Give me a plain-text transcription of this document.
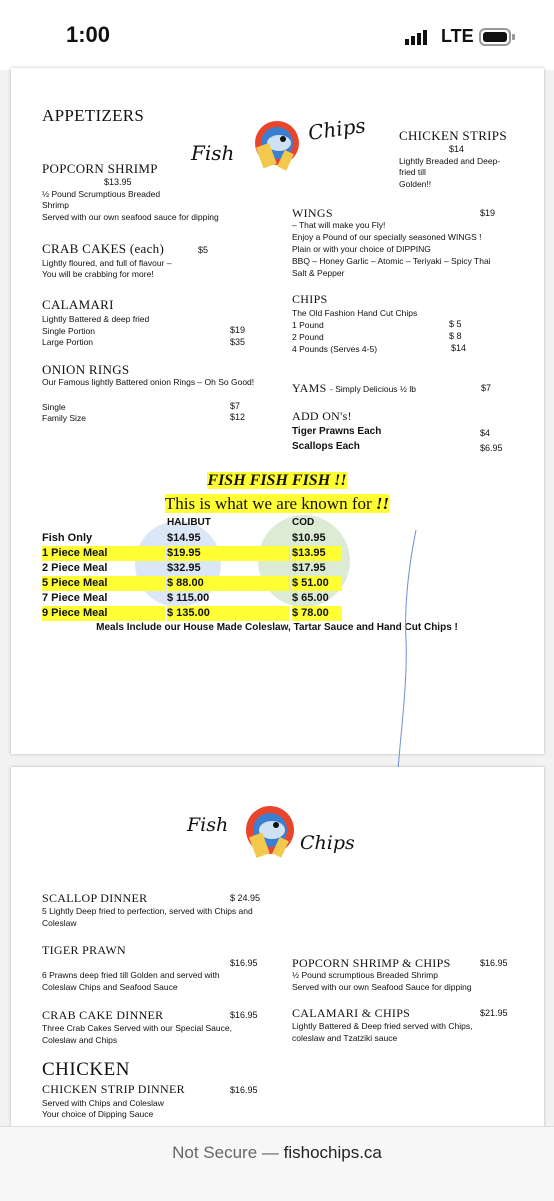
1:00	LTE
APPETIZERS
Fish
Chips
POPCORN SHRIMP
$13.95
½ Pound Scrumptious Breaded
Shrimp
Served with our own seafood sauce for dipping
CRAB CAKES (each)	$5
Lightly floured, and full of flavour –
You will be crabbing for more!
CALAMARI
Lightly Battered & deep fried
Single Portion	$19
Large Portion	$35
ONION RINGS
Our Famous lightly Battered onion Rings – Oh So Good!
Single	$7
Family Size	$12
CHICKEN STRIPS
$14
Lightly Breaded and Deep-
fried till
Golden!!
WINGS	$19
– That will make you Fly!
Enjoy a Pound of our specially seasoned WINGS !
Plain or with your choice of DIPPING
BBQ – Honey Garlic – Atomic – Teriyaki – Spicy Thai
Salt & Pepper
CHIPS
The Old Fashion Hand Cut Chips
1 Pound	$ 5
2 Pound	$ 8
4 Pounds (Serves 4-5)	$14
YAMS - Simply Delicious ½ lb	$7
ADD ON's!
Tiger Prawns Each	$4
Scallops Each	$6.95
FISH FISH FISH !!
This is what we are known for !!
HALIBUT	COD
Fish Only	$14.95	$10.95
1 Piece Meal	$19.95	$13.95
2 Piece Meal	$32.95	$17.95
5 Piece Meal	$ 88.00	$ 51.00
7 Piece Meal	$ 115.00	$ 65.00
9 Piece Meal	$ 135.00	$ 78.00
Meals Include our House Made Coleslaw, Tartar Sauce and Hand Cut Chips !
Fish
Chips
SCALLOP DINNER	$ 24.95
5 Lightly Deep fried to perfection, served with Chips and
Coleslaw
TIGER PRAWN
$16.95
6 Prawns deep fried till Golden and served with
Coleslaw Chips and Seafood Sauce
CRAB CAKE DINNER	$16.95
Three Crab Cakes Served with our Special Sauce,
Coleslaw and Chips
CHICKEN
CHICKEN STRIP DINNER	$16.95
Served with Chips and Coleslaw
Your choice of Dipping Sauce
POPCORN SHRIMP & CHIPS	$16.95
½ Pound scrumptious Breaded Shrimp
Served with our own Seafood Sauce for dipping
CALAMARI & CHIPS	$21.95
Lightly Battered & Deep fried served with Chips,
coleslaw and Tzatziki sauce
Not Secure — fishochips.ca
